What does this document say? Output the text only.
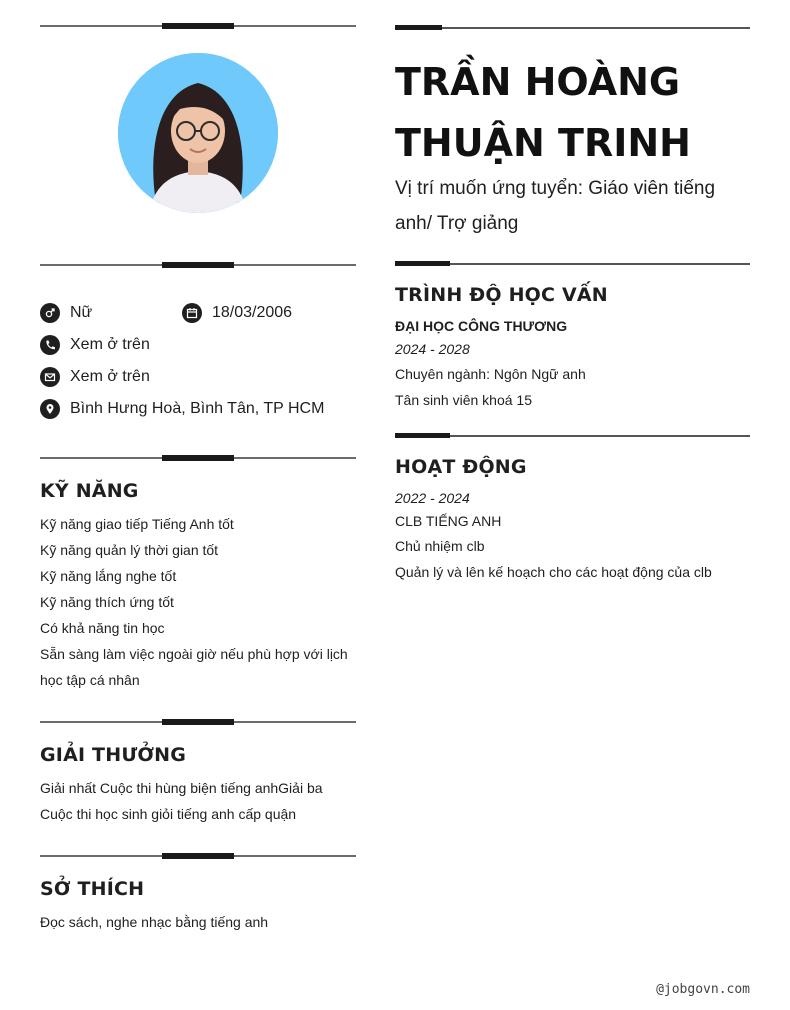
Nữ	18/03/2006
Xem ở trên
Xem ở trên
Bình Hưng Hoà, Bình Tân, TP HCM
KỸ NĂNG
Kỹ năng giao tiếp Tiếng Anh tốt
Kỹ năng quản lý thời gian tốt
Kỹ năng lắng nghe tốt
Kỹ năng thích ứng tốt
Có khả năng tin học
Sẵn sàng làm việc ngoài giờ nếu phù hợp với lịch học tập cá nhân
GIẢI THƯỞNG

Giải nhất Cuộc thi hùng biện tiếng anhGiải ba Cuộc thi học sinh giỏi tiếng anh cấp quận

SỞ THÍCH

Đọc sách, nghe nhạc bằng tiếng anh

TRẦN HOÀNG THUẬN TRINH

Vị trí muốn ứng tuyển: Giáo viên tiếng anh/ Trợ giảng

TRÌNH ĐỘ HỌC VẤN
ĐẠI HỌC CÔNG THƯƠNG
2024 - 2028
Chuyên ngành: Ngôn Ngữ anh
Tân sinh viên khoá 15
HOẠT ĐỘNG
2022 - 2024
CLB TIẾNG ANH
Chủ nhiệm clb
Quản lý và lên kế hoạch cho các hoạt động của clb
@jobgovn.com
